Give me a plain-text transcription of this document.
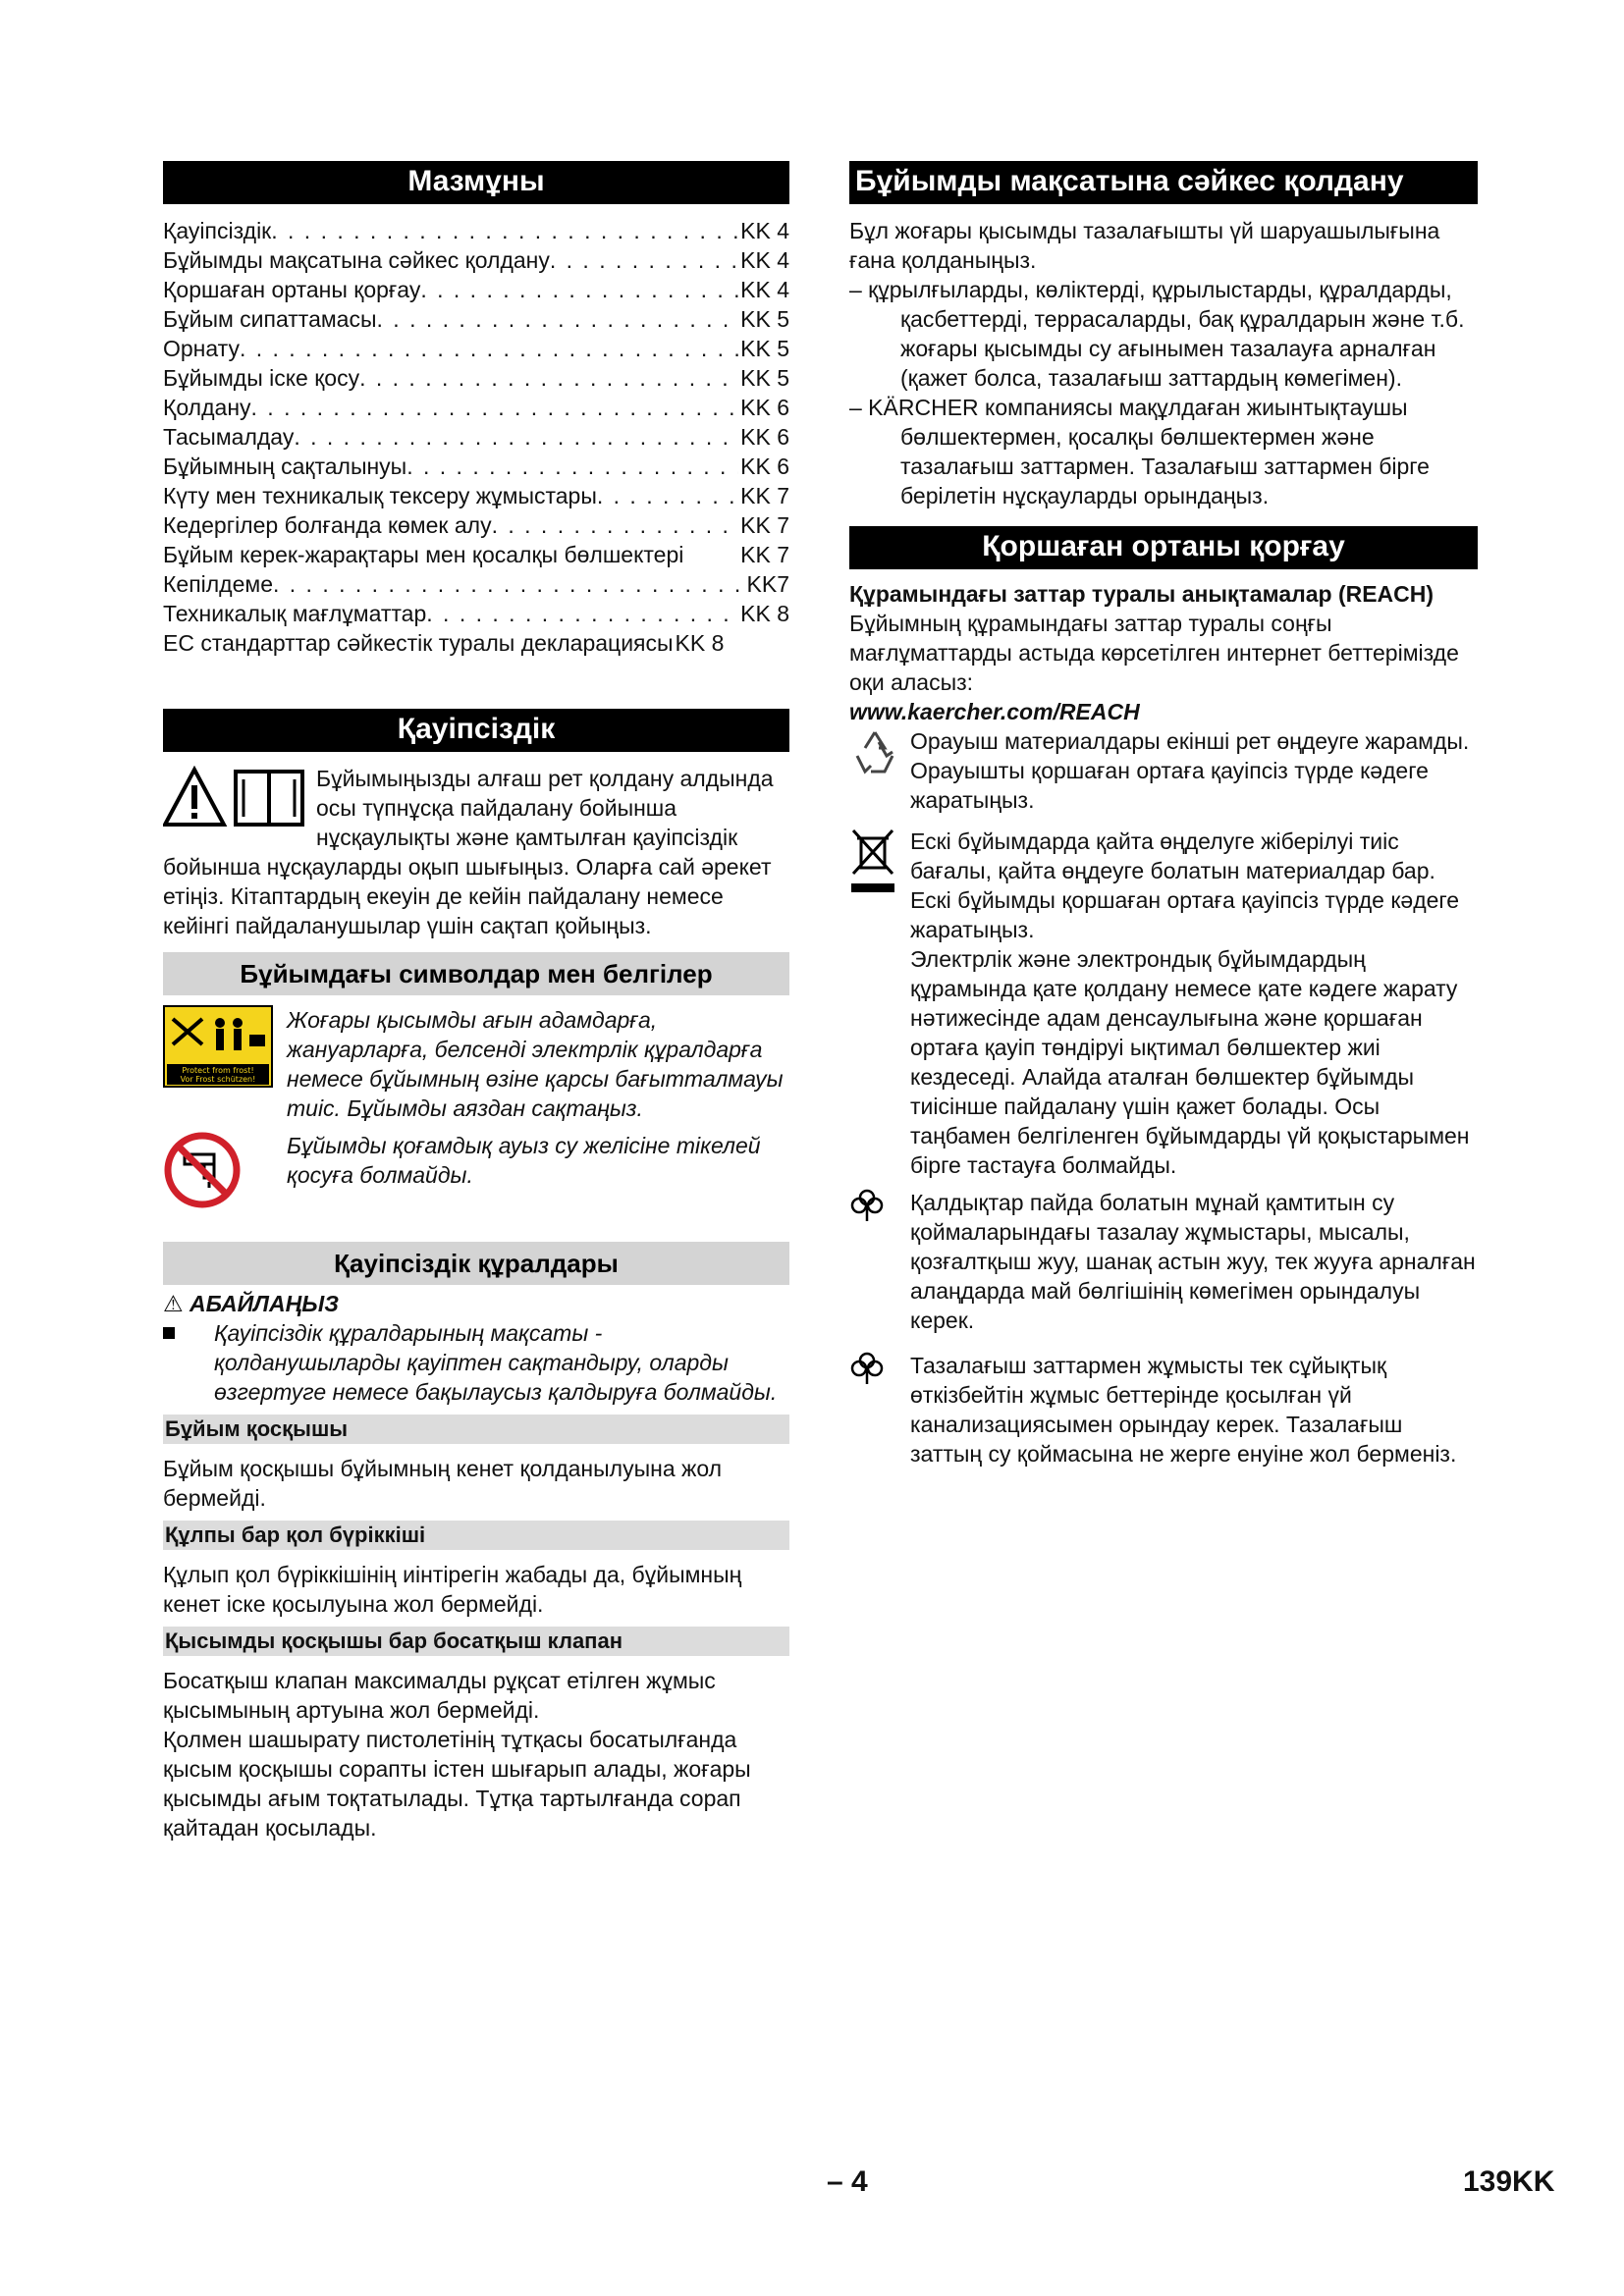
Мазмұны
Қауіпсіздік . . .	KK 4
Бұйымды мақсатына сәйкес қолдану . . .	KK 4
Қоршаған ортаны қорғау . . .	KK 4
Бұйым сипаттамасы . . .	KK 5
Орнату . . .	KK 5
Бұйымды іске қосу . . .	KK 5
Қолдану . . .	KK 6
Тасымалдау . . .	KK 6
Бұйымның сақталынуы . . .	KK 6
Күту мен техникалық тексеру жұмыстары . . .	KK 7
Кедергілер болғанда көмек алу . . .	KK 7
Бұйым керек-жарақтары мен қосалқы бөлшектері	KK 7
Кепілдеме . . .	KK7
Техникалық мағлұматтар . . .	KK 8
ЕС стандарттар сәйкестік туралы декларациясы KK 8
Қауіпсіздік

Бұйымыңызды алғаш рет қолдану алдында осы түпнұсқа пайдалану бойынша нұсқаулықты және қамтылған қауіпсіздік бойынша нұсқауларды оқып шығыңыз. Оларға сай әрекет етіңіз. Кітаптардың екеуін де кейін пайдалану немесе кейінгі пайдаланушылар үшін сақтап қойыңыз.

Бұйымдағы символдар мен белгілер
Protect from frost!
Vor Frost schützen!

Жоғары қысымды ағын адамдарға, жануарларға, белсенді электрлік құралдарға немесе бұйымның өзіне қарсы бағытталмауы тиіс. Бұйымды аяздан сақтаңыз.

Бұйымды қоғамдық ауыз су желісіне тікелей қосуға болмайды.

Қауіпсіздік құралдары

⚠ АБАЙЛАҢЫЗ

Қауіпсіздік құралдарының мақсаты - қолданушыларды қауіптен сақтандыру, оларды өзгертуге немесе бақылаусыз қалдыруға болмайды.
Бұйым қосқышы

Бұйым қосқышы бұйымның кенет қолданылуына жол бермейді.

Құлпы бар қол бүріккіші

Құлып қол бүріккішінің иінтірегін жабады да, бұйымның кенет іске қосылуына жол бермейді.

Қысымды қосқышы бар босатқыш клапан

Босатқыш клапан максималды рұқсат етілген жұмыс қысымының артуына жол бермейді.

Қолмен шашырату пистолетінің тұтқасы босатылғанда қысым қосқышы сорапты істен шығарып алады, жоғары қысымды ағым тоқтатылады. Тұтқа тартылғанда сорап қайтадан қосылады.

Бұйымды мақсатына сәйкес қолдану

Бұл жоғары қысымды тазалағышты үй шаруашылығына ғана қолданыңыз.

– құрылғыларды, көліктерді, құрылыстарды, құралдарды, қасбеттерді, террасаларды, бақ құралдарын және т.б. жоғары қысымды су ағынымен тазалауға арналған (қажет болса, тазалағыш заттардың көмегімен).

– KÄRCHER компаниясы мақұлдаған жиынтықтаушы бөлшектермен, қосалқы бөлшектермен және тазалағыш заттармен. Тазалағыш заттармен бірге берілетін нұсқауларды орындаңыз.

Қоршаған ортаны қорғау

Құрамындағы заттар туралы анықтамалар (REACH)

Бұйымның құрамындағы заттар туралы соңғы мағлұматтарды астыда көрсетілген интернет беттерімізде оқи аласыз:

www.kaercher.com/REACH

Орауыш материалдары екінші рет өңдеуге жарамды. Орауышты қоршаған ортаға қауіпсіз түрде кәдеге жаратыңыз.

Ескі бұйымдарда қайта өңделуге жіберілуі тиіс бағалы, қайта өңдеуге болатын материалдар бар. Ескі бұйымды қоршаған ортаға қауіпсіз түрде кәдеге жаратыңыз.

Электрлік және электрондық бұйымдардың құрамында қате қолдану немесе қате кәдеге жарату нәтижесінде адам денсаулығына және қоршаған ортаға қауіп төндіруі ықтимал бөлшектер жиі кездеседі. Алайда аталған бөлшектер бұйымды тиісінше пайдалану үшін қажет болады. Осы таңбамен белгіленген бұйымдарды үй қоқыстарымен бірге тастауға болмайды.

Қалдықтар пайда болатын мұнай қамтитын су қоймаларындағы тазалау жұмыстары, мысалы, қозғалтқыш жуу, шанақ астын жуу, тек жууға арналған алаңдарда май бөлгішінің көмегімен орындалуы керек.

Тазалағыш заттармен жұмысты тек сұйықтық өткізбейтін жұмыс беттерінде қосылған үй канализациясымен орындау керек. Тазалағыш заттың су қоймасына не жерге енуіне жол берменіз.

– 4	139KK
